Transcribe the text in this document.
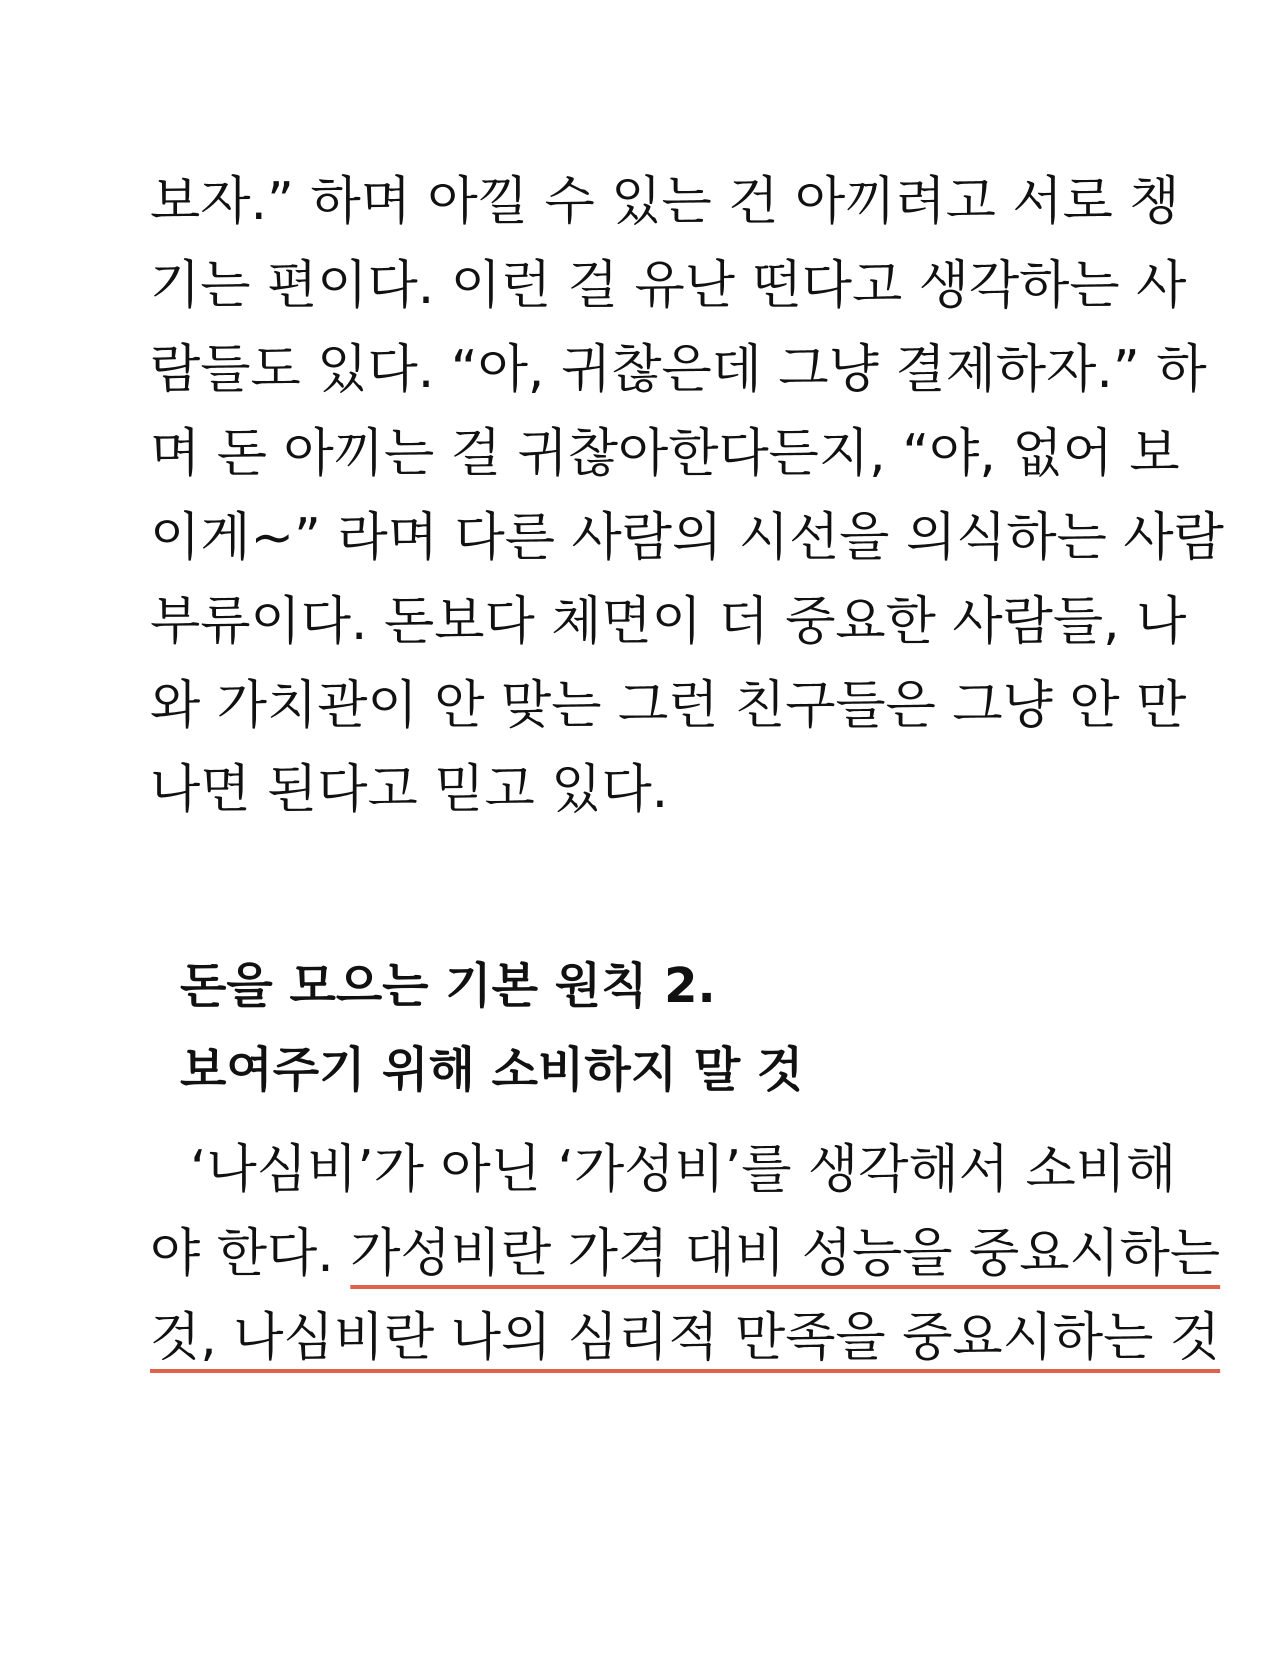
보자.” 하며 아낄 수 있는 건 아끼려고 서로 챙
기는 편이다. 이런 걸 유난 떤다고 생각하는 사
람들도 있다. “아, 귀찮은데 그냥 결제하자.” 하
며 돈 아끼는 걸 귀찮아한다든지, “야, 없어 보
이게~” 라며 다른 사람의 시선을 의식하는 사람
부류이다. 돈보다 체면이 더 중요한 사람들, 나
와 가치관이 안 맞는 그런 친구들은 그냥 안 만
나면 된다고 믿고 있다.
돈을 모으는 기본 원칙 2.
보여주기 위해 소비하지 말 것
‘나심비’가 아닌 ‘가성비’를 생각해서 소비해
야 한다. 가성비란 가격 대비 성능을 중요시하는
것, 나심비란 나의 심리적 만족을 중요시하는 것
